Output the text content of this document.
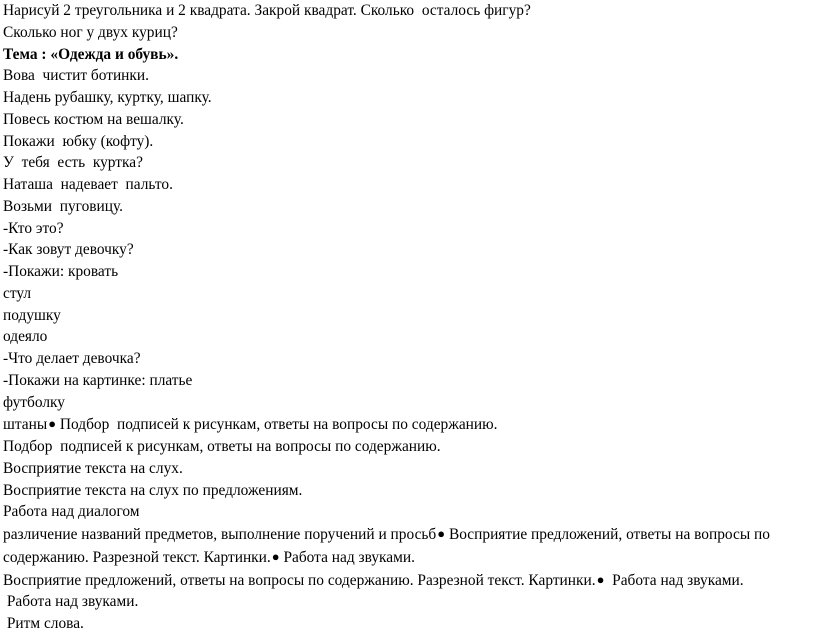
Нарисуй 2 треугольника и 2 квадрата. Закрой квадрат. Сколько  осталось фигур?
Сколько ног у двух куриц?
Тема : «Одежда и обувь».
Вова  чистит ботинки.
Надень рубашку, куртку, шапку.
Повесь костюм на вешалку.
Покажи  юбку (кофту).
У  тебя  есть  куртка?
Наташа  надевает  пальто.
Возьми  пуговицу.
-Кто это?
-Как зовут девочку?
-Покажи: кровать
стул
подушку
одеяло
-Что делает девочка?
-Покажи на картинке: платье
футболку
штаны● Подбор  подписей к рисункам, ответы на вопросы по содержанию.
Подбор  подписей к рисункам, ответы на вопросы по содержанию.
Восприятие текста на слух.
Восприятие текста на слух по предложениям.
Работа над диалогом
различение названий предметов, выполнение поручений и просьб● Восприятие предложений, ответы на вопросы по содержанию. Разрезной текст. Картинки.● Работа над звуками.
Восприятие предложений, ответы на вопросы по содержанию. Разрезной текст. Картинки.●  Работа над звуками.
Работа над звуками.
Ритм слова.
